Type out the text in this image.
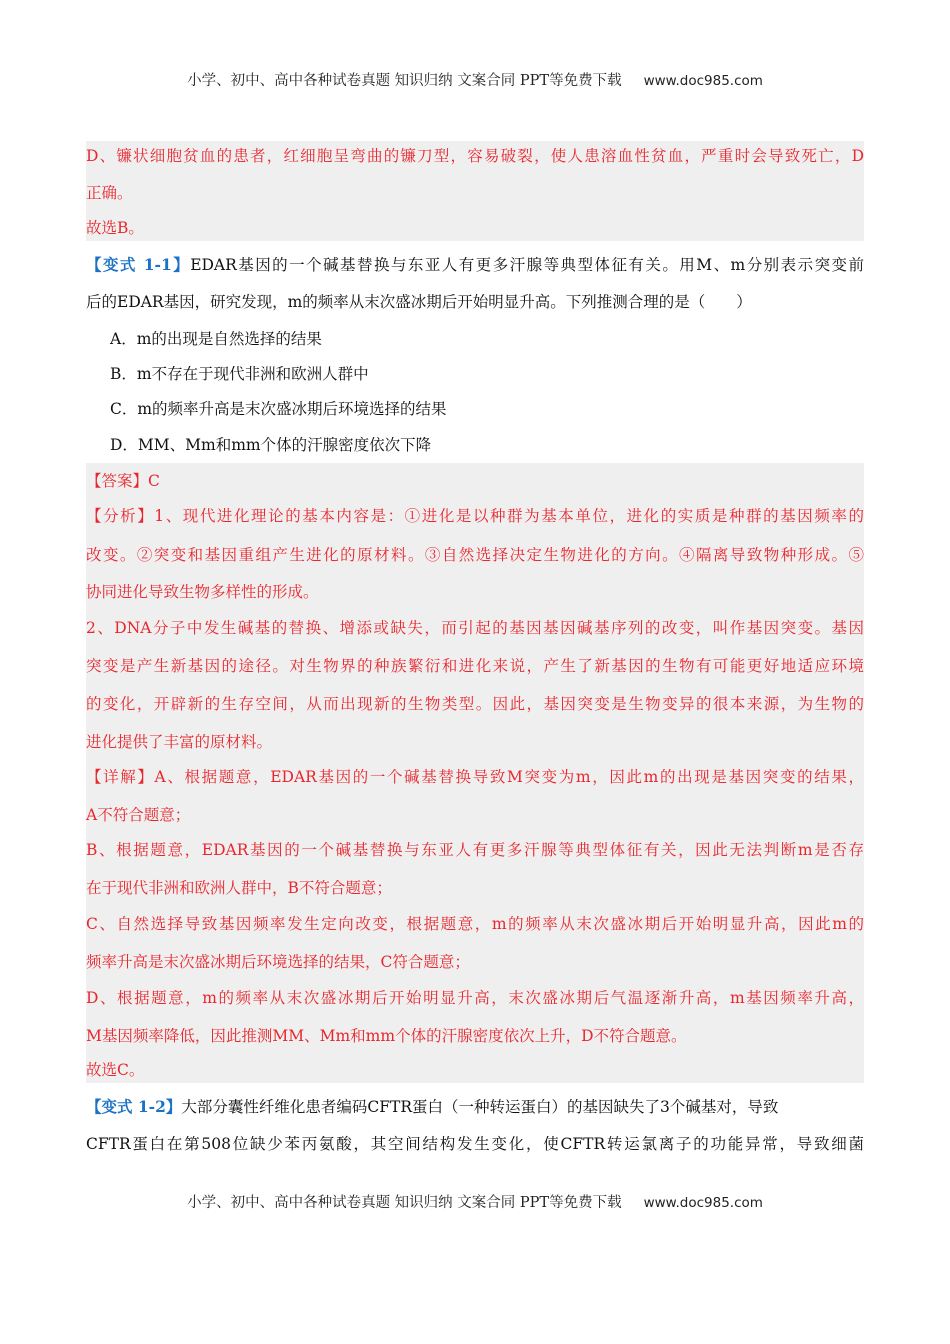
小学、初中、高中各种试卷真题 知识归纳 文案合同 PPT等免费下载 www.doc985.com
D、镰状细胞贫血的患者，红细胞呈弯曲的镰刀型，容易破裂，使人患溶血性贫血，严重时会导致死亡，D
正确。
故选B。
【变式 1-1】EDAR基因的一个碱基替换与东亚人有更多汗腺等典型体征有关。用M、m分别表示突变前
后的EDAR基因，研究发现，m的频率从末次盛冰期后开始明显升高。下列推测合理的是（　　）
A．m的出现是自然选择的结果
B．m不存在于现代非洲和欧洲人群中
C．m的频率升高是末次盛冰期后环境选择的结果
D．MM、Mm和mm个体的汗腺密度依次下降
【答案】C
【分析】1、现代进化理论的基本内容是：①进化是以种群为基本单位，进化的实质是种群的基因频率的
改变。②突变和基因重组产生进化的原材料。③自然选择决定生物进化的方向。④隔离导致物种形成。⑤
协同进化导致生物多样性的形成。
2、DNA分子中发生碱基的替换、增添或缺失，而引起的基因基因碱基序列的改变，叫作基因突变。基因
突变是产生新基因的途径。对生物界的种族繁衍和进化来说，产生了新基因的生物有可能更好地适应环境
的变化，开辟新的生存空间，从而出现新的生物类型。因此，基因突变是生物变异的很本来源，为生物的
进化提供了丰富的原材料。
【详解】A、根据题意，EDAR基因的一个碱基替换导致M突变为m，因此m的出现是基因突变的结果，
A不符合题意；
B、根据题意，EDAR基因的一个碱基替换与东亚人有更多汗腺等典型体征有关，因此无法判断m是否存
在于现代非洲和欧洲人群中，B不符合题意；
C、自然选择导致基因频率发生定向改变，根据题意，m的频率从末次盛冰期后开始明显升高，因此m的
频率升高是末次盛冰期后环境选择的结果，C符合题意；
D、根据题意，m的频率从末次盛冰期后开始明显升高，末次盛冰期后气温逐渐升高，m基因频率升高，
M基因频率降低，因此推测MM、Mm和mm个体的汗腺密度依次上升，D不符合题意。
故选C。
【变式 1-2】大部分囊性纤维化患者编码CFTR蛋白（一种转运蛋白）的基因缺失了3个碱基对，导致
CFTR蛋白在第508位缺少苯丙氨酸，其空间结构发生变化，使CFTR转运氯离子的功能异常，导致细菌
小学、初中、高中各种试卷真题 知识归纳 文案合同 PPT等免费下载 www.doc985.com
